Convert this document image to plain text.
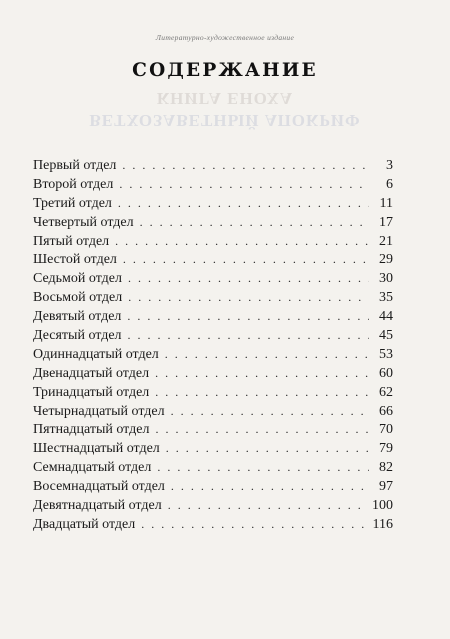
Литературно-художественное издание
КНИГА ЕНОХА
ВЕТХОЗАВЕТНЫЙ АПОКРИФ
СОДЕРЖАНИЕ
Первый отдел . . .	3
Второй отдел . . .	6
Третий отдел . . .	11
Четвертый отдел . . .	17
Пятый отдел . . .	21
Шестой отдел . . .	29
Седьмой отдел . . .	30
Восьмой отдел . . .	35
Девятый отдел . . .	44
Десятый отдел . . .	45
Одиннадцатый отдел . . .	53
Двенадцатый отдел . . .	60
Тринадцатый отдел . . .	62
Четырнадцатый отдел . . .	66
Пятнадцатый отдел . . .	70
Шестнадцатый отдел . . .	79
Семнадцатый отдел . . .	82
Восемнадцатый отдел . . .	97
Девятнадцатый отдел . . .	100
Двадцатый отдел . . .	116
